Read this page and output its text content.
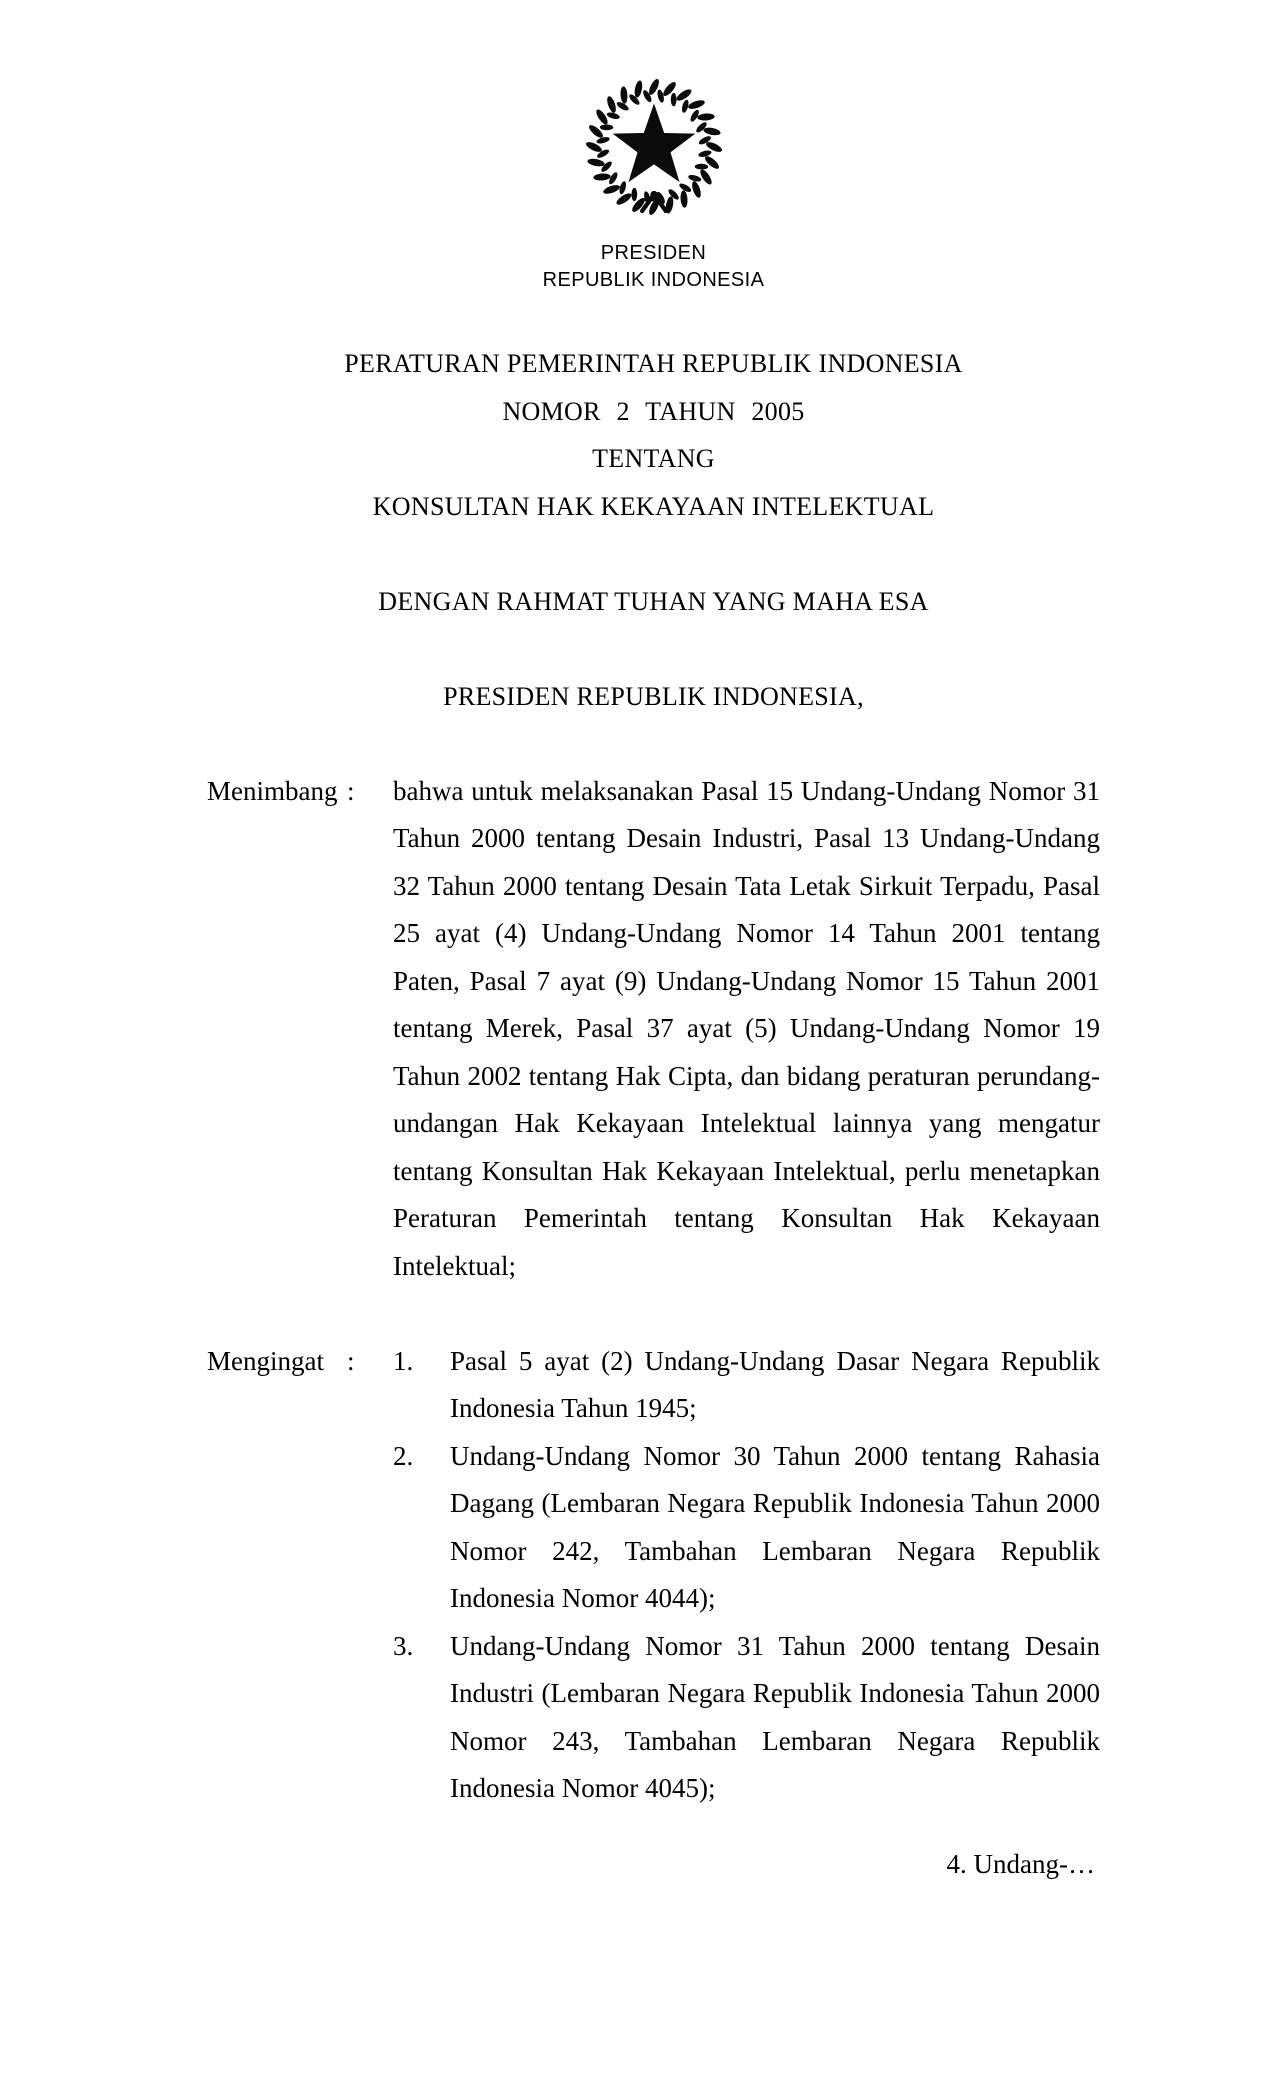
PRESIDEN
REPUBLIK INDONESIA
PERATURAN PEMERINTAH REPUBLIK INDONESIA
NOMOR 2 TAHUN 2005
TENTANG
KONSULTAN HAK KEKAYAAN INTELEKTUAL
DENGAN RAHMAT TUHAN YANG MAHA ESA
PRESIDEN REPUBLIK INDONESIA,
Menimbang :	bahwa untuk melaksanakan Pasal 15 Undang-Undang Nomor 31 Tahun 2000 tentang Desain Industri, Pasal 13 Undang-Undang 32 Tahun 2000 tentang Desain Tata Letak Sirkuit Terpadu, Pasal 25 ayat (4) Undang-Undang Nomor 14 Tahun 2001 tentang Paten, Pasal 7 ayat (9) Undang-Undang Nomor 15 Tahun 2001 tentang Merek, Pasal 37 ayat (5) Undang-Undang Nomor 19 Tahun 2002 tentang Hak Cipta, dan bidang peraturan perundang-undangan Hak Kekayaan Intelektual lainnya yang mengatur tentang Konsultan Hak Kekayaan Intelektual, perlu menetapkan Peraturan Pemerintah tentang Konsultan Hak Kekayaan Intelektual;
Mengingat :	1.	Pasal 5 ayat (2) Undang-Undang Dasar Negara Republik Indonesia Tahun 1945;
2.	Undang-Undang Nomor 30 Tahun 2000 tentang Rahasia Dagang (Lembaran Negara Republik Indonesia Tahun 2000 Nomor 242, Tambahan Lembaran Negara Republik Indonesia Nomor 4044);
3.	Undang-Undang Nomor 31 Tahun 2000 tentang Desain Industri (Lembaran Negara Republik Indonesia Tahun 2000 Nomor 243, Tambahan Lembaran Negara Republik Indonesia Nomor 4045);
4. Undang-…
